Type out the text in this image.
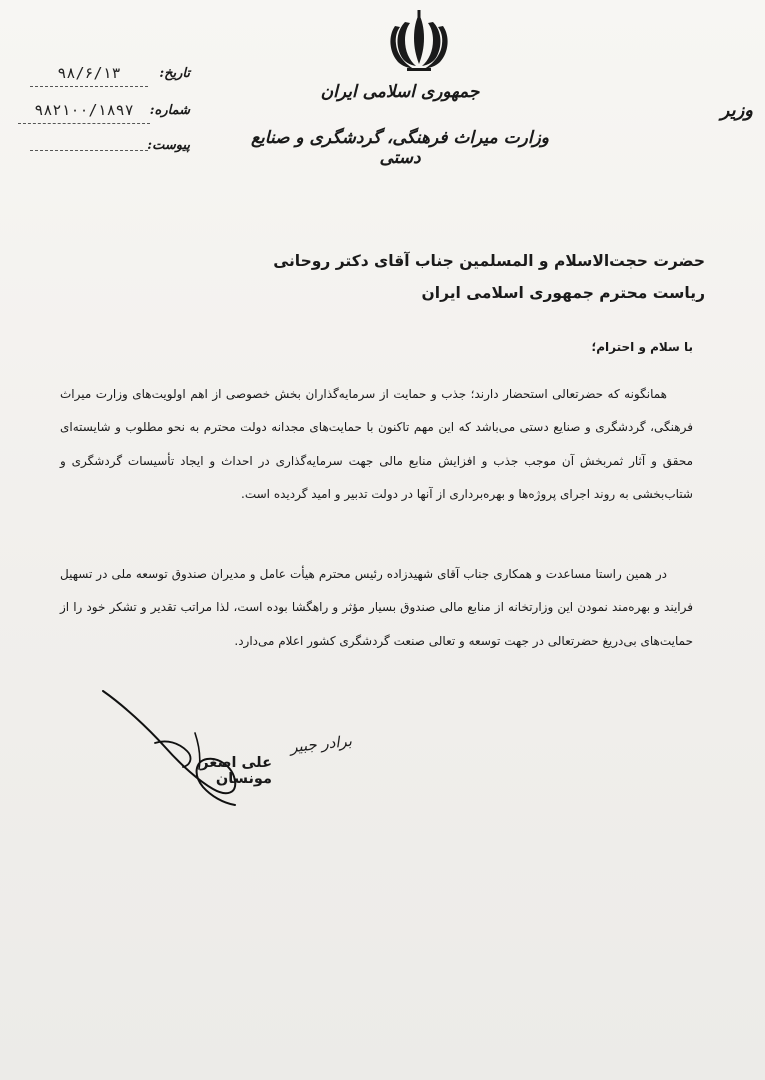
جمهوری اسلامی ایران
وزارت میراث فرهنگی، گردشگری و صنایع دستی
وزیر
تاریخ:
۹۸/۶/۱۳
شماره:
۹۸۲۱۰۰/۱۸۹۷
پیوست:
حضرت حجت‌الاسلام و المسلمین جناب آقای دکتر روحانی
ریاست محترم جمهوری اسلامی ایران
با سلام و احترام؛

همانگونه که حضرتعالی استحضار دارند؛ جذب و حمایت از سرمایه‌گذاران بخش خصوصی از اهم اولویت‌های وزارت میراث فرهنگی، گردشگری و صنایع دستی می‌باشد که این مهم تاکنون با حمایت‌های مجدانه دولت محترم به نحو مطلوب و شایسته‌ای محقق و آثار ثمربخش آن موجب جذب و افزایش منابع مالی جهت سرمایه‌گذاری در احداث و ایجاد تأسیسات گردشگری و شتاب‌بخشی به روند اجرای پروژه‌ها و بهره‌برداری از آنها در دولت تدبیر و امید گردیده است.

در همین راستا مساعدت و همکاری جناب آقای شهیدزاده رئیس محترم هیأت عامل و مدیران صندوق توسعه ملی در تسهیل فرایند و بهره‌مند نمودن این وزارتخانه از منابع مالی صندوق بسیار مؤثر و راهگشا بوده است، لذا مراتب تقدیر و تشکر خود را از حمایت‌های بی‌دریغ حضرتعالی در جهت توسعه و تعالی صنعت گردشگری کشور اعلام می‌دارد.

علی اصغر مونسان
برادر جبیر
